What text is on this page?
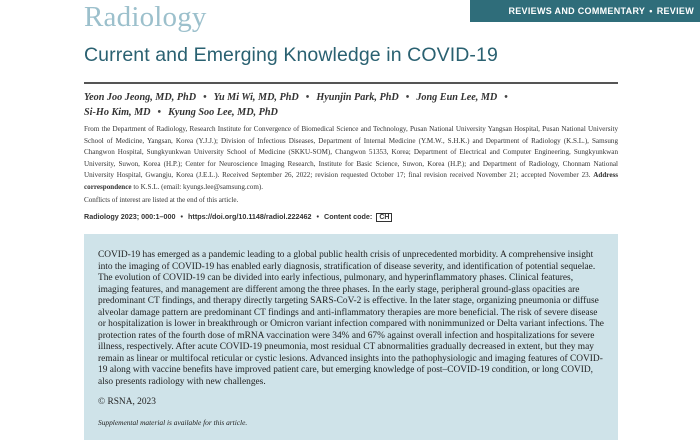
Radiology	REVIEWS AND COMMENTARY • REVIEW
Current and Emerging Knowledge in COVID-19
Yeon Joo Jeong, MD, PhD • Yu Mi Wi, MD, PhD • Hyunjin Park, PhD • Jong Eun Lee, MD •
Si-Ho Kim, MD • Kyung Soo Lee, MD, PhD
From the Department of Radiology, Research Institute for Convergence of Biomedical Science and Technology, Pusan National University Yangsan Hospital, Pusan National University School of Medicine, Yangsan, Korea (Y.J.J.); Division of Infectious Diseases, Department of Internal Medicine (Y.M.W., S.H.K.) and Department of Radiology (K.S.L.), Samsung Changwon Hospital, Sungkyunkwan University School of Medicine (SKKU-SOM), Changwon 51353, Korea; Department of Electrical and Computer Engineering, Sungkyunkwan University, Suwon, Korea (H.P.); Center for Neuroscience Imaging Research, Institute for Basic Science, Suwon, Korea (H.P.); and Department of Radiology, Chonnam National University Hospital, Gwangju, Korea (J.E.L.). Received September 26, 2022; revision requested October 17; final revision received November 21; accepted November 23. Address correspondence to K.S.L. (email: kyungs.lee@samsung.com).
Conflicts of interest are listed at the end of this article.
Radiology 2023; 000:1–000 • https://doi.org/10.1148/radiol.222462 • Content code: CH

COVID-19 has emerged as a pandemic leading to a global public health crisis of unprecedented morbidity. A comprehensive insight into the imaging of COVID-19 has enabled early diagnosis, stratification of disease severity, and identification of potential sequelae. The evolution of COVID-19 can be divided into early infectious, pulmonary, and hyperinflammatory phases. Clinical features, imaging features, and management are different among the three phases. In the early stage, peripheral ground-glass opacities are predominant CT findings, and therapy directly targeting SARS-CoV-2 is effective. In the later stage, organizing pneumonia or diffuse alveolar damage pattern are predominant CT findings and anti-inflammatory therapies are more beneficial. The risk of severe disease or hospitalization is lower in breakthrough or Omicron variant infection compared with nonimmunized or Delta variant infections. The protection rates of the fourth dose of mRNA vaccination were 34% and 67% against overall infection and hospitalizations for severe illness, respectively. After acute COVID-19 pneumonia, most residual CT abnormalities gradually decreased in extent, but they may remain as linear or multifocal reticular or cystic lesions. Advanced insights into the pathophysiologic and imaging features of COVID-19 along with vaccine benefits have improved patient care, but emerging knowledge of post–COVID-19 condition, or long COVID, also presents radiology with new challenges.

© RSNA, 2023

Supplemental material is available for this article.
